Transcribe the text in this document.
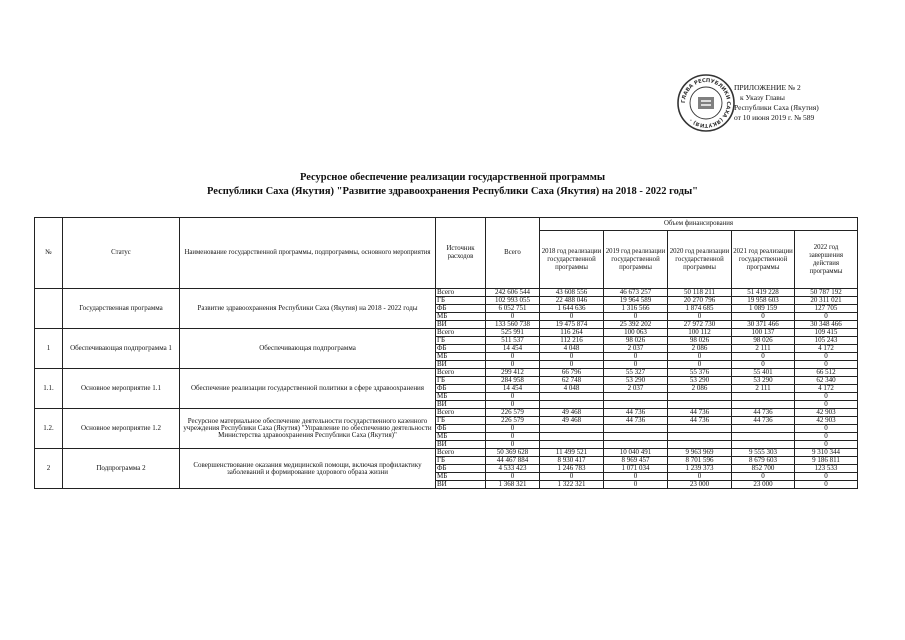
ГЛАВА РЕСПУБЛИКИ САХА (ЯКУТИЯ) ·
ПРИЛОЖЕНИЕ № 2
к Указу Главы
Республики Саха (Якутия)
от 10 июня 2019 г. № 589
Ресурсное обеспечение реализации государственной программы
Республики Саха (Якутия) "Развитие здравоохранения Республики Саха (Якутия) на 2018 - 2022 годы"
№	Статус	Наименование государственной программы, подпрограммы, основного мероприятия	Источник расходов	Всего	Объем финансирования				
					2018 год реализации государственной программы	2019 год реализации государственной программы	2020 год реализации государственной программы	2021 год реализации государственной программы	2022 год завершения действия программы
	Государственная программа	Развитие здравоохранения Республики Саха (Якутия) на 2018 - 2022 годы	Всего	242 606 544	43 608 556	46 673 257	50 118 211	51 419 228	50 787 192
			ГБ	102 993 055	22 488 046	19 964 589	20 270 796	19 958 603	20 311 021
			ФБ	6 052 751	1 644 636	1 316 566	1 874 685	1 089 159	127 705
			МБ	0	0	0	0	0	0
			ВИ	133 560 738	19 475 874	25 392 202	27 972 730	30 371 466	30 348 466
1	Обеспечивающая подпрограмма 1	Обеспечивающая подпрограмма	Всего	525 991	116 264	100 063	100 112	100 137	109 415
			ГБ	511 537	112 216	98 026	98 026	98 026	105 243
			ФБ	14 454	4 048	2 037	2 086	2 111	4 172
			МБ	0	0	0	0	0	0
			ВИ	0	0	0	0	0	0
1.1.	Основное мероприятие 1.1	Обеспечение реализации государственной политики в сфере здравоохранения	Всего	299 412	66 796	55 327	55 376	55 401	66 512
			ГБ	284 958	62 748	53 290	53 290	53 290	62 340
			ФБ	14 454	4 048	2 037	2 086	2 111	4 172
			МБ	0					0
			ВИ	0					0
1.2.	Основное мероприятие 1.2	Ресурсное материальное обеспечение деятельности государственного казенного учреждения Республики Саха (Якутия) "Управление по обеспечению деятельности Министерства здравоохранения Республики Саха (Якутия)"	Всего	226 579	49 468	44 736	44 736	44 736	42 903
			ГБ	226 579	49 468	44 736	44 736	44 736	42 903
			ФБ	0					0
			МБ	0					0
			ВИ	0					0
2	Подпрограмма 2	Совершенствование оказания медицинской помощи, включая профилактику заболеваний и формирование здорового образа жизни	Всего	50 369 628	11 499 521	10 040 491	9 963 969	9 555 303	9 310 344
			ГБ	44 467 884	8 930 417	8 969 457	8 701 596	8 679 603	9 186 811
			ФБ	4 533 423	1 246 783	1 071 034	1 239 373	852 700	123 533
			МБ	0	0	0	0	0	0
			ВИ	1 368 321	1 322 321	0	23 000	23 000	0
